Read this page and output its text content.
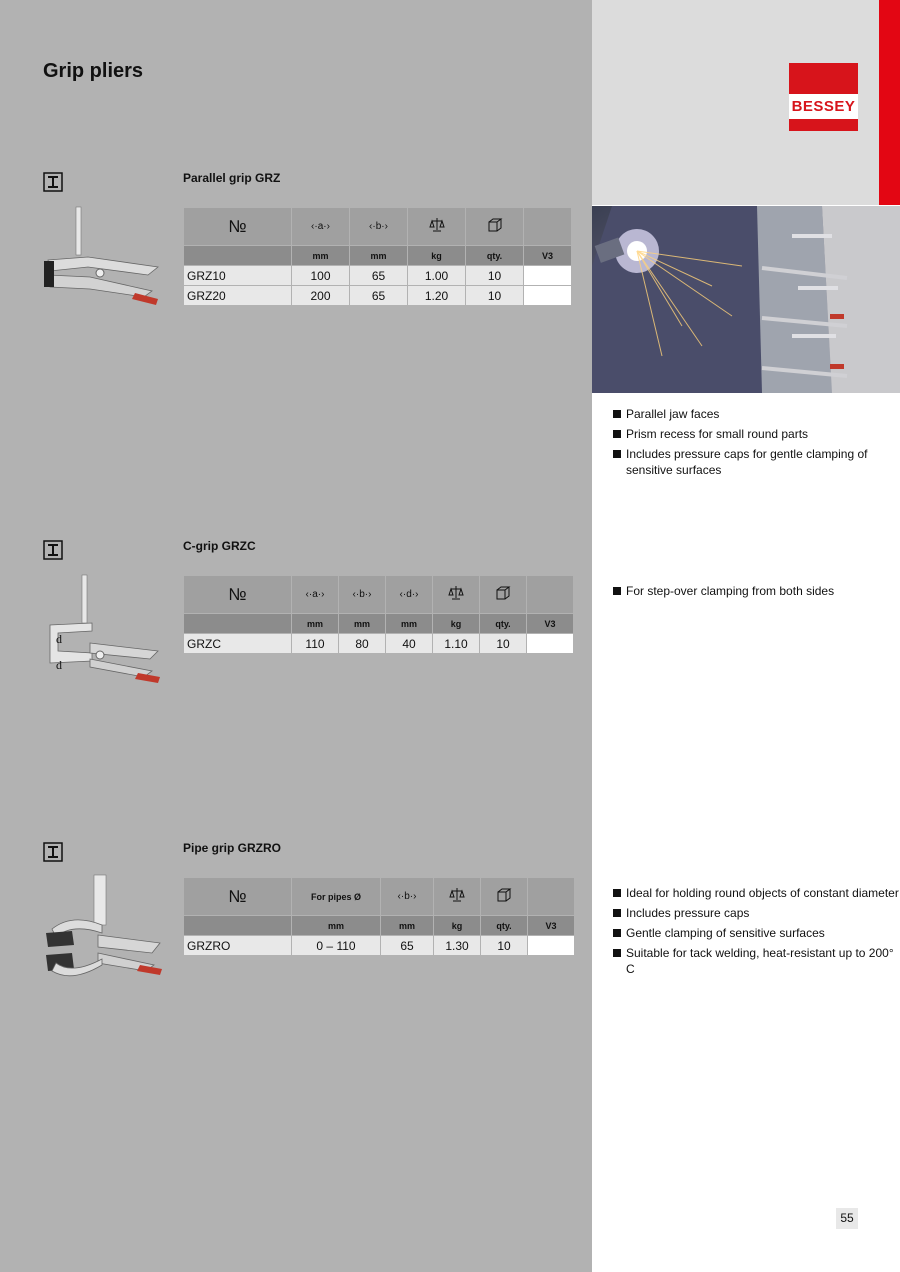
BESSEY
Grip pliers
Parallel grip GRZ
№	‹·a·›	‹·b·›			
	mm	mm	kg	qty.	V3
GRZ10	100	65	1.00	10	
GRZ20	200	65	1.20	10	
Parallel jaw faces
Prism recess for small round parts
Includes pressure caps for gentle clamping of sensitive surfaces
C-grip GRZC
d
d
№	‹·a·›	‹·b·›	‹·d·›			
	mm	mm	mm	kg	qty.	V3
GRZC	110	80	40	1.10	10	
For step-over clamping from both sides
Pipe grip GRZRO
№	For pipes Ø	‹·b·›			
	mm	mm	kg	qty.	V3
GRZRO	0 – 110	65	1.30	10	
Ideal for holding round objects of constant diameter
Includes pressure caps
Gentle clamping of sensitive surfaces
Suitable for tack welding, heat-resistant up to 200° C
55
